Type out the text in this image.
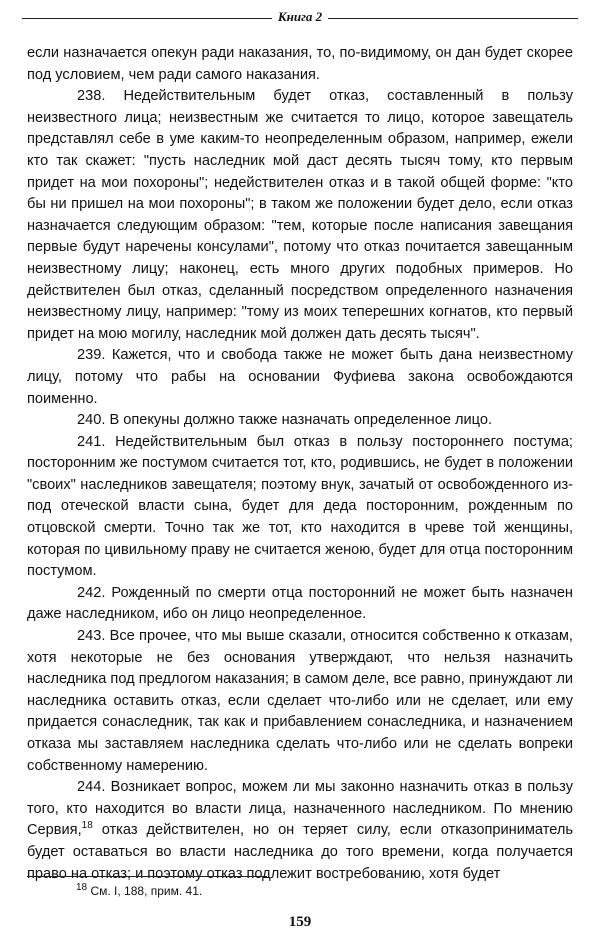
Книга 2

если назначается опекун ради наказания, то, по-видимому, он дан будет скорее под условием, чем ради самого наказания.

238. Недействительным будет отказ, составленный в пользу неизвестного лица; неизвестным же считается то лицо, которое завещатель представлял себе в уме каким-то неопределенным образом, например, ежели кто так скажет: "пусть наследник мой даст десять тысяч тому, кто первым придет на мои похороны"; недействителен отказ и в такой общей форме: "кто бы ни пришел на мои похороны"; в таком же положении будет дело, если отказ назначается следующим образом: "тем, которые после написания завещания первые будут наречены консулами", потому что отказ почитается завещанным неизвестному лицу; наконец, есть много других подобных примеров. Но действителен был отказ, сделанный посредством определенного назначения неизвестному лицу, например: "тому из моих теперешних когнатов, кто первый придет на мою могилу, наследник мой должен дать десять тысяч".

239. Кажется, что и свобода также не может быть дана неизвестному лицу, потому что рабы на основании Фуфиева закона освобождаются поименно.

240. В опекуны должно также назначать определенное лицо.

241. Недействительным был отказ в пользу постороннего постума; посторонним же постумом считается тот, кто, родившись, не будет в положении "своих" наследников завещателя; поэтому внук, зачатый от освобожденного из-под отеческой власти сына, будет для деда посторонним, рожденным по отцовской смерти. Точно так же тот, кто находится в чреве той женщины, которая по цивильному праву не считается женою, будет для отца посторонним постумом.

242. Рожденный по смерти отца посторонний не может быть назначен даже наследником, ибо он лицо неопределенное.

243. Все прочее, что мы выше сказали, относится собственно к отказам, хотя некоторые не без основания утверждают, что нельзя назначить наследника под предлогом наказания; в самом деле, все равно, принуждают ли наследника оставить отказ, если сделает что-либо или не сделает, или ему придается сонаследник, так как и прибавлением сонаследника, и назначением отказа мы заставляем наследника сделать что-либо или не сделать вопреки собственному намерению.

244. Возникает вопрос, можем ли мы законно назначить отказ в пользу того, кто находится во власти лица, назначенного наследником. По мнению Сервия,$^{18}$ отказ действителен, но он теряет силу, если отказоприниматель будет оставаться во власти наследника до того времени, когда получается право на отказ; и поэтому отказ подлежит востребованию, хотя будет

$^{18}$ См. I, 188, прим. 41.
159
